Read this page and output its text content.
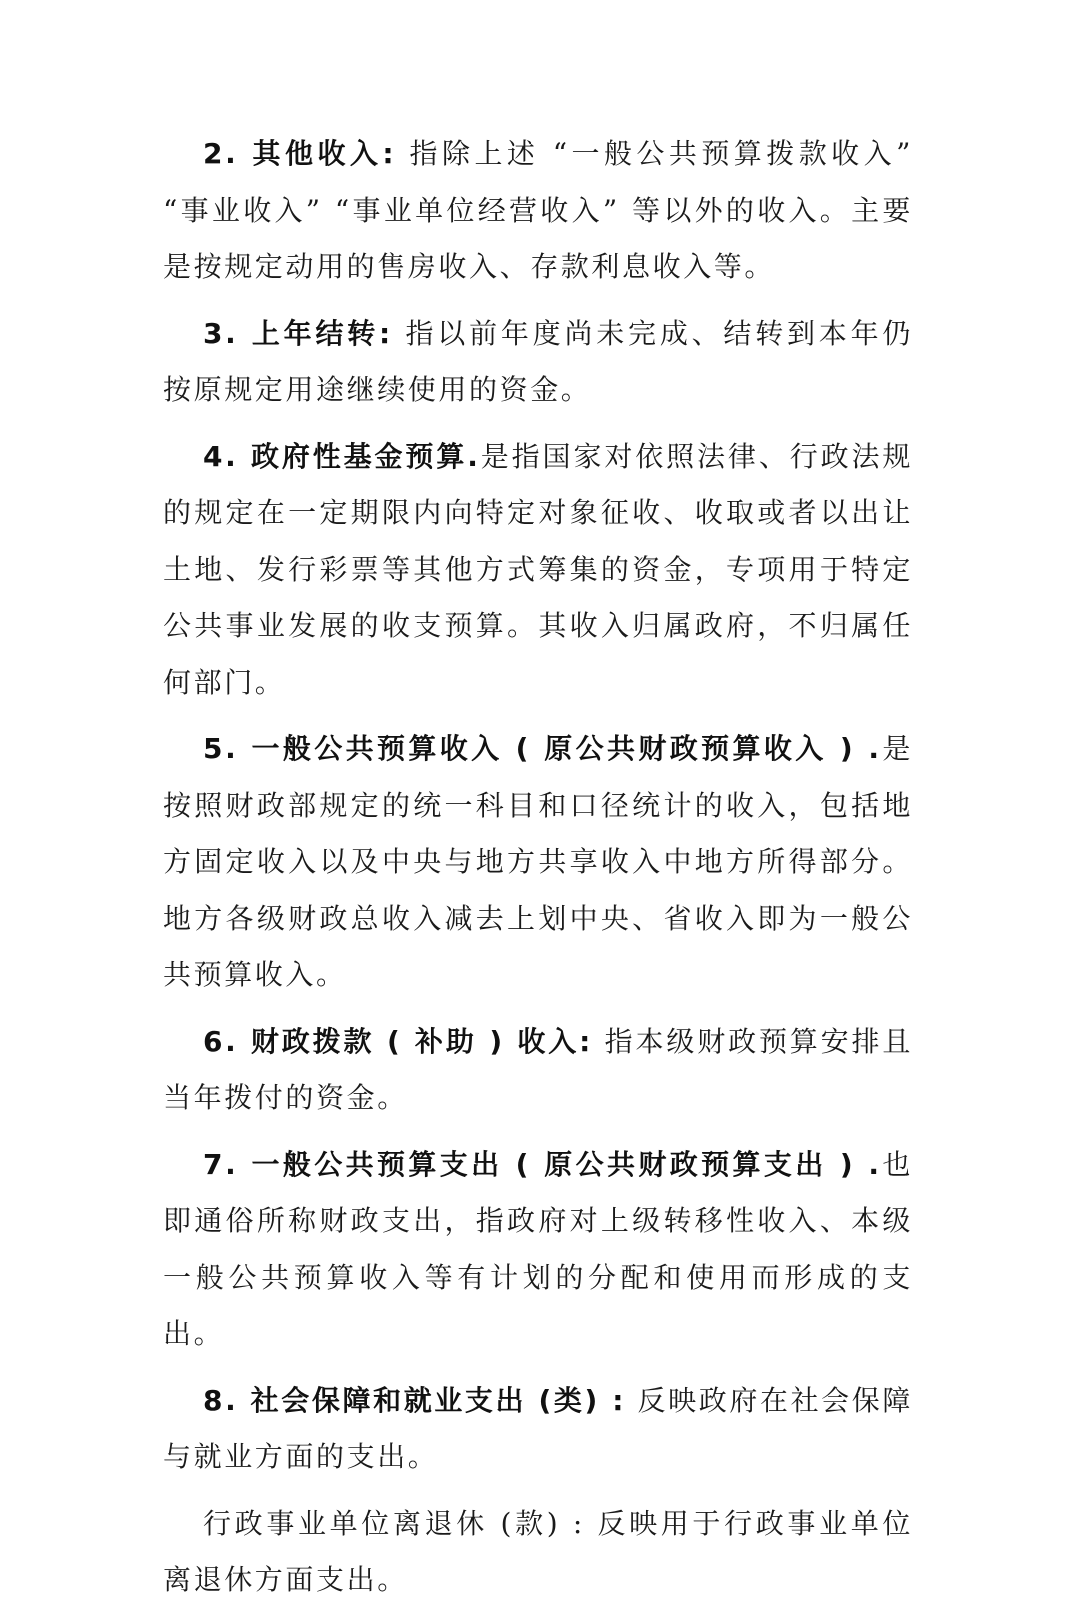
2. 其他收入: 指除上述 “一般公共预算拨款收入” “事业收入” “事业单位经营收入” 等以外的收入。主要是按规定动用的售房收入、存款利息收入等。

3. 上年结转: 指以前年度尚未完成、结转到本年仍按原规定用途继续使用的资金。

4. 政府性基金预算.是指国家对依照法律、行政法规的规定在一定期限内向特定对象征收、收取或者以出让土地、发行彩票等其他方式筹集的资金，专项用于特定公共事业发展的收支预算。其收入归属政府，不归属任何部门。

5. 一般公共预算收入 ( 原公共财政预算收入 ) .是按照财政部规定的统一科目和口径统计的收入，包括地方固定收入以及中央与地方共享收入中地方所得部分。地方各级财政总收入减去上划中央、省收入即为一般公共预算收入。

6. 财政拨款 ( 补助 ) 收入: 指本级财政预算安排且当年拨付的资金。

7. 一般公共预算支出 ( 原公共财政预算支出 ) .也即通俗所称财政支出，指政府对上级转移性收入、本级一般公共预算收入等有计划的分配和使用而形成的支出。

8. 社会保障和就业支出 (类) : 反映政府在社会保障与就业方面的支出。

行政事业单位离退休 (款) : 反映用于行政事业单位离退休方面支出。
